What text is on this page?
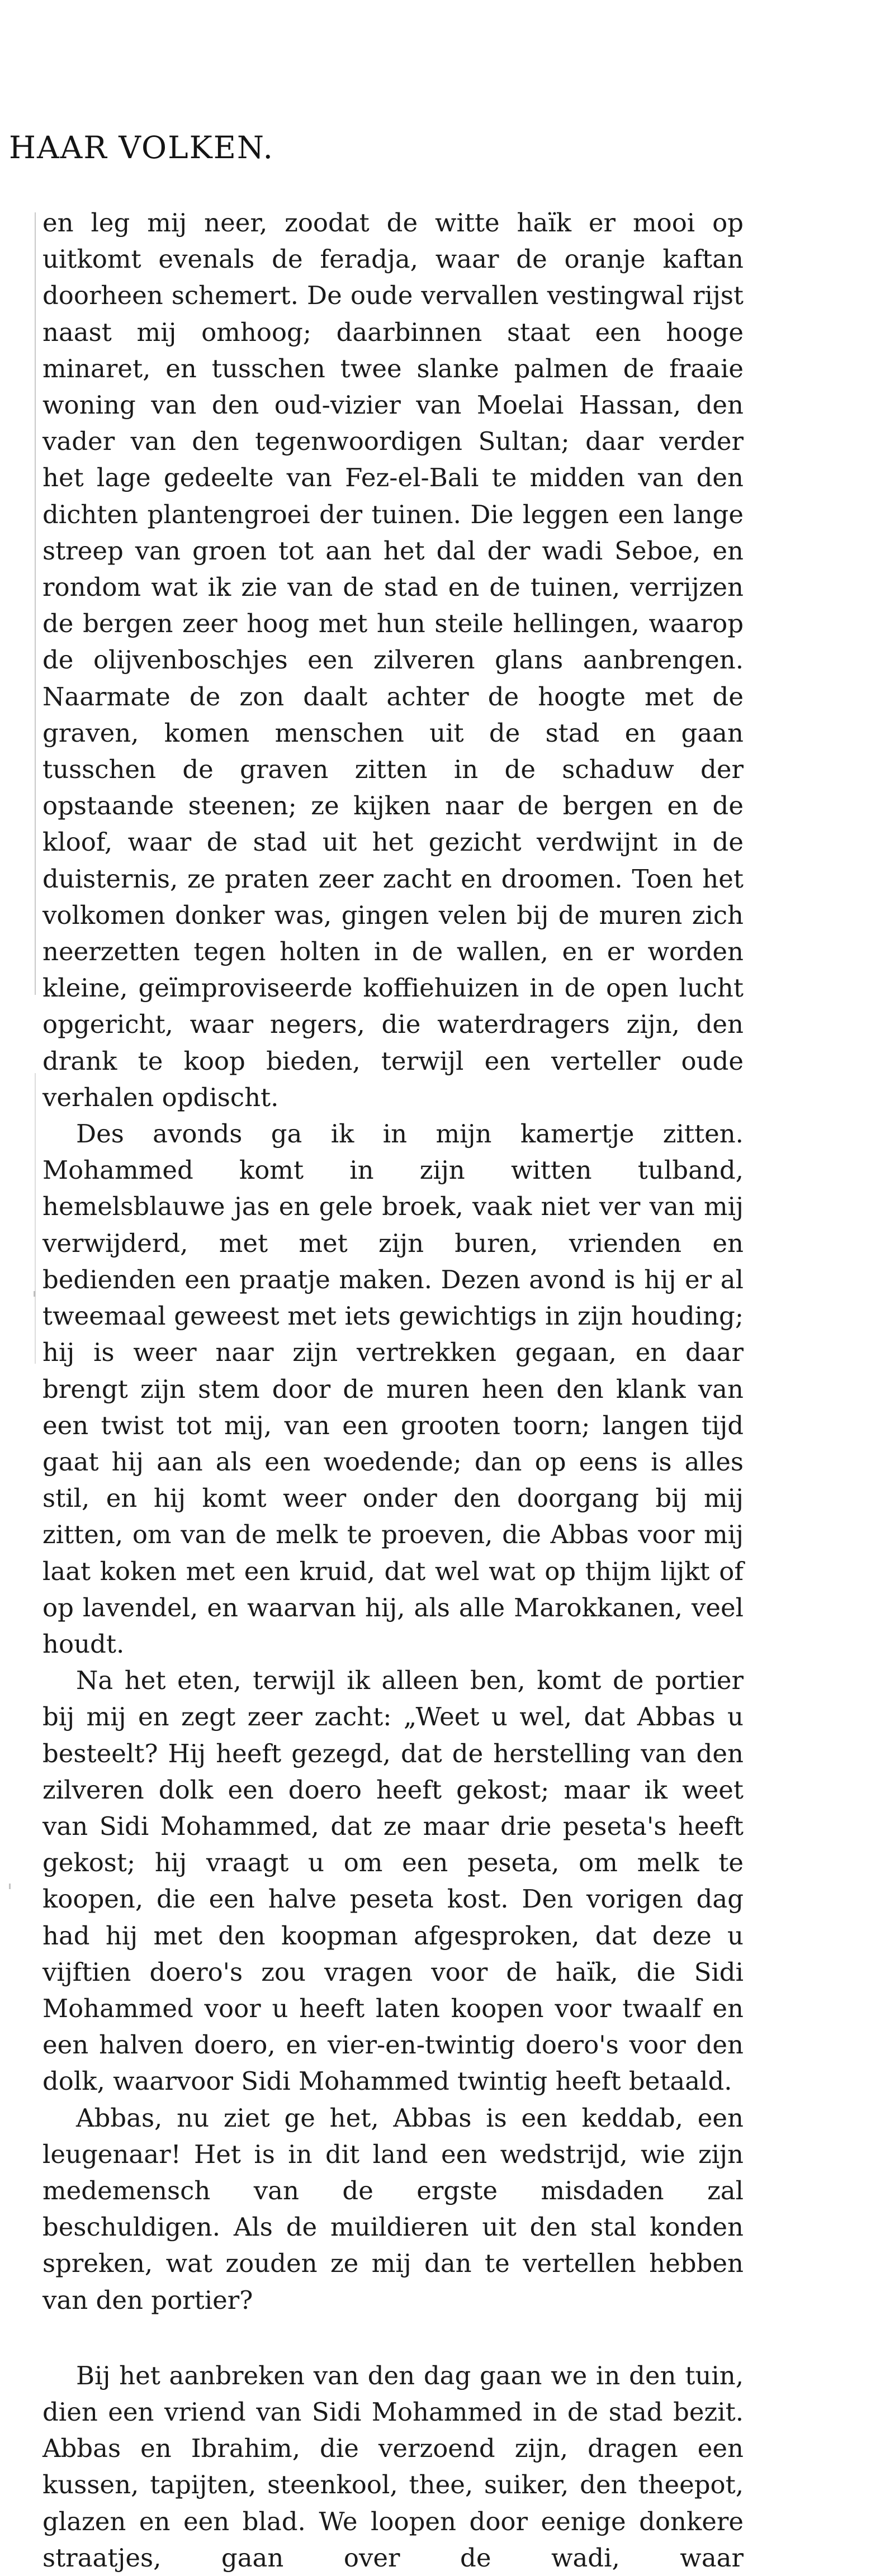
HAAR VOLKEN.

en leg mij neer, zoodat de witte haïk er mooi op uitkomt evenals de feradja, waar de oranje kaftan doorheen schemert. De oude vervallen vestingwal rijst naast mij omhoog; daarbinnen staat een hooge minaret, en tusschen twee slanke palmen de fraaie woning van den oud-vizier van Moelai Hassan, den vader van den tegenwoordigen Sultan; daar verder het lage gedeelte van Fez-el-Bali te midden van den dichten plantengroei der tuinen. Die leggen een lange streep van groen tot aan het dal der wadi Seboe, en rondom wat ik zie van de stad en de tuinen, verrijzen de bergen zeer hoog met hun steile hellingen, waarop de olijvenboschjes een zilveren glans aanbrengen. Naarmate de zon daalt achter de hoogte met de graven, komen menschen uit de stad en gaan tusschen de graven zitten in de schaduw der opstaande steenen; ze kijken naar de bergen en de kloof, waar de stad uit het gezicht verdwijnt in de duisternis, ze praten zeer zacht en droomen. Toen het volkomen donker was, gingen velen bij de muren zich neerzetten tegen holten in de wallen, en er worden kleine, geïmproviseerde koffiehuizen in de open lucht opgericht, waar negers, die waterdragers zijn, den drank te koop bieden, terwijl een verteller oude verhalen opdischt.

Des avonds ga ik in mijn kamertje zitten. Mohammed komt in zijn witten tulband, hemelsblauwe jas en gele broek, vaak niet ver van mij verwijderd, met met zijn buren, vrienden en bedienden een praatje maken. Dezen avond is hij er al tweemaal geweest met iets gewichtigs in zijn houding; hij is weer naar zijn vertrekken gegaan, en daar brengt zijn stem door de muren heen den klank van een twist tot mij, van een grooten toorn; langen tijd gaat hij aan als een woedende; dan op eens is alles stil, en hij komt weer onder den doorgang bij mij zitten, om van de melk te proeven, die Abbas voor mij laat koken met een kruid, dat wel wat op thijm lijkt of op lavendel, en waarvan hij, als alle Marokkanen, veel houdt.

Na het eten, terwijl ik alleen ben, komt de portier bij mij en zegt zeer zacht: „Weet u wel, dat Abbas u besteelt? Hij heeft gezegd, dat de herstelling van den zilveren dolk een doero heeft gekost; maar ik weet van Sidi Mohammed, dat ze maar drie peseta's heeft gekost; hij vraagt u om een peseta, om melk te koopen, die een halve peseta kost. Den vorigen dag had hij met den koopman afgesproken, dat deze u vijftien doero's zou vragen voor de haïk, die Sidi Mohammed voor u heeft laten koopen voor twaalf en een halven doero, en vier-en-twintig doero's voor den dolk, waarvoor Sidi Mohammed twintig heeft betaald.

Abbas, nu ziet ge het, Abbas is een keddab, een leugenaar! Het is in dit land een wedstrijd, wie zijn medemensch van de ergste misdaden zal beschuldigen. Als de muildieren uit den stal konden spreken, wat zouden ze mij dan te vertellen hebben van den portier?

Bij het aanbreken van den dag gaan we in den tuin, dien een vriend van Sidi Mohammed in de stad bezit. Abbas en Ibrahim, die verzoend zijn, dragen een kussen, tapijten, steenkool, thee, suiker, den theepot, glazen en een blad. We loopen door eenige donkere straatjes, gaan over de wadi, waar
